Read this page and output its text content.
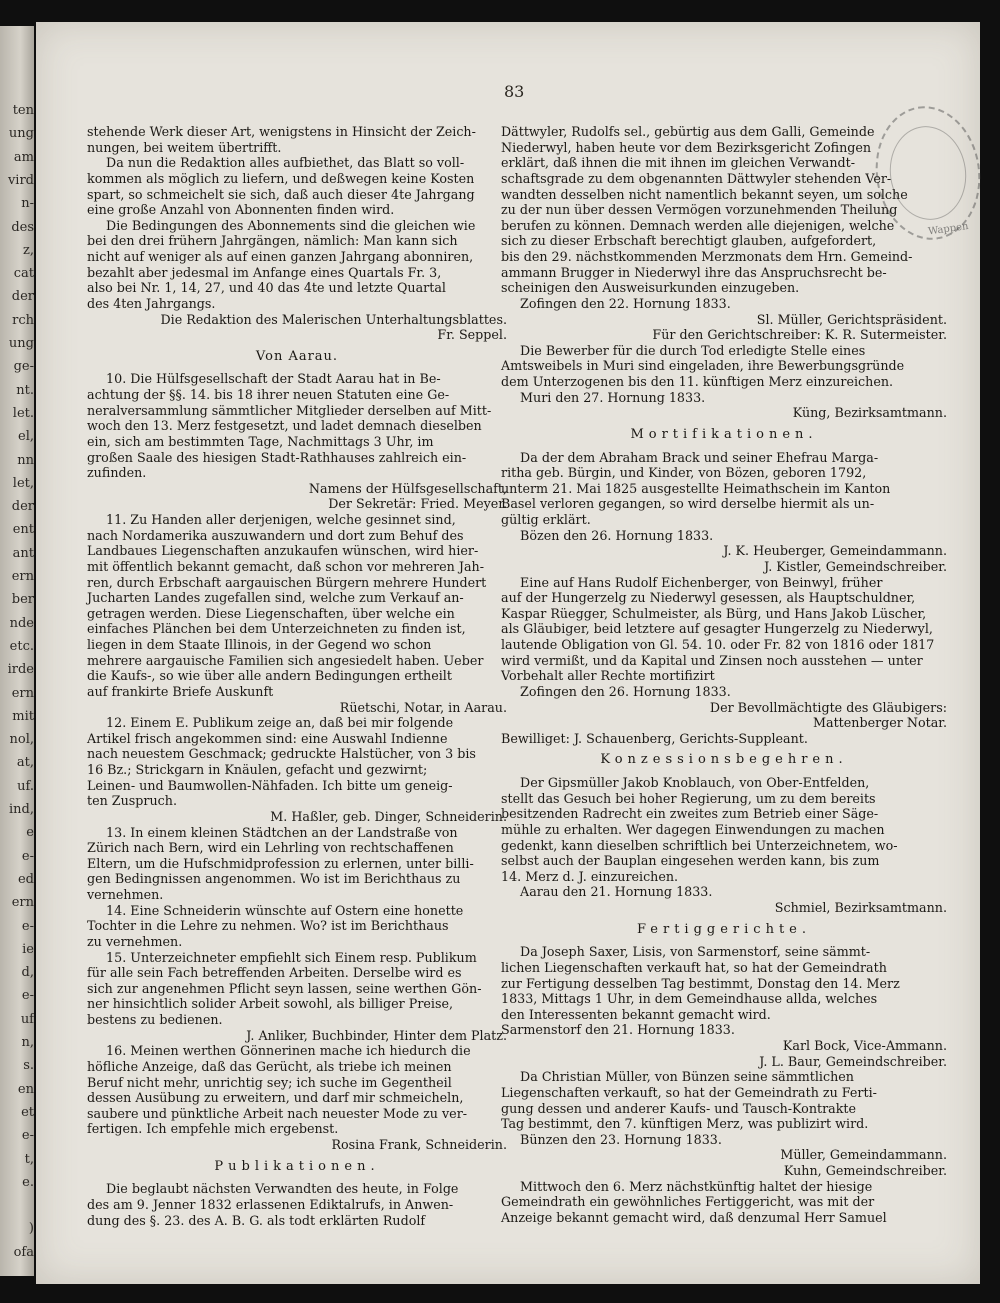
ten
ung
am
vird
n-
des
z,
cat
der
rch
ung
ge-
nt.
let.
el,
nn
let,
der
ent
ant
ern
ber
nde
etc.
irde
ern
mit
nol,
at,
uf.
ind,
e
e-
ed
ern
e-
ie
d,
e-
uf
n,
s.
en
et
e-
t,
e.
)
ofa
83
Wappen

stehende Werk dieser Art, wenigstens in Hinsicht der Zeich-

nungen, bei weitem übertrifft.

Da nun die Redaktion alles aufbiethet, das Blatt so voll-

kommen als möglich zu liefern, und deßwegen keine Kosten

spart, so schmeichelt sie sich, daß auch dieser 4te Jahrgang

eine große Anzahl von Abonnenten finden wird.

Die Bedingungen des Abonnements sind die gleichen wie

bei den drei frühern Jahrgängen, nämlich: Man kann sich

nicht auf weniger als auf einen ganzen Jahrgang abonniren,

bezahlt aber jedesmal im Anfange eines Quartals Fr. 3,

also bei Nr. 1, 14, 27, und 40 das 4te und letzte Quartal

des 4ten Jahrgangs.

Die Redaktion des Malerischen Unterhaltungsblattes.

Fr. Seppel.

Von Aarau.

10. Die Hülfsgesellschaft der Stadt Aarau hat in Be-

achtung der §§. 14. bis 18 ihrer neuen Statuten eine Ge-

neralversammlung sämmtlicher Mitglieder derselben auf Mitt-

woch den 13. Merz festgesetzt, und ladet demnach dieselben

ein, sich am bestimmten Tage, Nachmittags 3 Uhr, im

großen Saale des hiesigen Stadt-Rathhauses zahlreich ein-

zufinden.

Namens der Hülfsgesellschaft,

Der Sekretär: Fried. Meyer.

11. Zu Handen aller derjenigen, welche gesinnet sind,

nach Nordamerika auszuwandern und dort zum Behuf des

Landbaues Liegenschaften anzukaufen wünschen, wird hier-

mit öffentlich bekannt gemacht, daß schon vor mehreren Jah-

ren, durch Erbschaft aargauischen Bürgern mehrere Hundert

Jucharten Landes zugefallen sind, welche zum Verkauf an-

getragen werden. Diese Liegenschaften, über welche ein

einfaches Plänchen bei dem Unterzeichneten zu finden ist,

liegen in dem Staate Illinois, in der Gegend wo schon

mehrere aargauische Familien sich angesiedelt haben. Ueber

die Kaufs-, so wie über alle andern Bedingungen ertheilt

auf frankirte Briefe Auskunft

Rüetschi, Notar, in Aarau.

12. Einem E. Publikum zeige an, daß bei mir folgende

Artikel frisch angekommen sind: eine Auswahl Indienne

nach neuestem Geschmack; gedruckte Halstücher, von 3 bis

16 Bz.; Strickgarn in Knäulen, gefacht und gezwirnt;

Leinen- und Baumwollen-Nähfaden. Ich bitte um geneig-

ten Zuspruch.

M. Haßler, geb. Dinger, Schneiderin.

13. In einem kleinen Städtchen an der Landstraße von

Zürich nach Bern, wird ein Lehrling von rechtschaffenen

Eltern, um die Hufschmidprofession zu erlernen, unter billi-

gen Bedingnissen angenommen. Wo ist im Berichthaus zu

vernehmen.

14. Eine Schneiderin wünschte auf Ostern eine honette

Tochter in die Lehre zu nehmen. Wo? ist im Berichthaus

zu vernehmen.

15. Unterzeichneter empfiehlt sich Einem resp. Publikum

für alle sein Fach betreffenden Arbeiten. Derselbe wird es

sich zur angenehmen Pflicht seyn lassen, seine werthen Gön-

ner hinsichtlich solider Arbeit sowohl, als billiger Preise,

bestens zu bedienen.

J. Anliker, Buchbinder, Hinter dem Platz.

16. Meinen werthen Gönnerinen mache ich hiedurch die

höfliche Anzeige, daß das Gerücht, als triebe ich meinen

Beruf nicht mehr, unrichtig sey; ich suche im Gegentheil

dessen Ausübung zu erweitern, und darf mir schmeicheln,

saubere und pünktliche Arbeit nach neuester Mode zu ver-

fertigen. Ich empfehle mich ergebenst.

Rosina Frank, Schneiderin.

Publikationen.

Die beglaubt nächsten Verwandten des heute, in Folge

des am 9. Jenner 1832 erlassenen Ediktalrufs, in Anwen-

dung des §. 23. des A. B. G. als todt erklärten Rudolf

Dättwyler, Rudolfs sel., gebürtig aus dem Galli, Gemeinde

Niederwyl, haben heute vor dem Bezirksgericht Zofingen

erklärt, daß ihnen die mit ihnen im gleichen Verwandt-

schaftsgrade zu dem obgenannten Dättwyler stehenden Ver-

wandten desselben nicht namentlich bekannt seyen, um solche

zu der nun über dessen Vermögen vorzunehmenden Theilung

berufen zu können. Demnach werden alle diejenigen, welche

sich zu dieser Erbschaft berechtigt glauben, aufgefordert,

bis den 29. nächstkommenden Merzmonats dem Hrn. Gemeind-

ammann Brugger in Niederwyl ihre das Anspruchsrecht be-

scheinigen den Ausweisurkunden einzugeben.

Zofingen den 22. Hornung 1833.

Sl. Müller, Gerichtspräsident.

Für den Gerichtschreiber: K. R. Sutermeister.

Die Bewerber für die durch Tod erledigte Stelle eines

Amtsweibels in Muri sind eingeladen, ihre Bewerbungsgründe

dem Unterzogenen bis den 11. künftigen Merz einzureichen.

Muri den 27. Hornung 1833.

Küng, Bezirksamtmann.

Mortifikationen.

Da der dem Abraham Brack und seiner Ehefrau Marga-

ritha geb. Bürgin, und Kinder, von Bözen, geboren 1792,

unterm 21. Mai 1825 ausgestellte Heimathschein im Kanton

Basel verloren gegangen, so wird derselbe hiermit als un-

gültig erklärt.

Bözen den 26. Hornung 1833.

J. K. Heuberger, Gemeindammann.

J. Kistler, Gemeindschreiber.

Eine auf Hans Rudolf Eichenberger, von Beinwyl, früher

auf der Hungerzelg zu Niederwyl gesessen, als Hauptschuldner,

Kaspar Rüegger, Schulmeister, als Bürg, und Hans Jakob Lüscher,

als Gläubiger, beid letztere auf gesagter Hungerzelg zu Niederwyl,

lautende Obligation von Gl. 54. 10. oder Fr. 82 von 1816 oder 1817

wird vermißt, und da Kapital und Zinsen noch ausstehen — unter

Vorbehalt aller Rechte mortifizirt

Zofingen den 26. Hornung 1833.

Der Bevollmächtigte des Gläubigers:

Mattenberger Notar.

Bewilliget: J. Schauenberg, Gerichts-Suppleant.

Konzessionsbegehren.

Der Gipsmüller Jakob Knoblauch, von Ober-Entfelden,

stellt das Gesuch bei hoher Regierung, um zu dem bereits

besitzenden Radrecht ein zweites zum Betrieb einer Säge-

mühle zu erhalten. Wer dagegen Einwendungen zu machen

gedenkt, kann dieselben schriftlich bei Unterzeichnetem, wo-

selbst auch der Bauplan eingesehen werden kann, bis zum

14. Merz d. J. einzureichen.

Aarau den 21. Hornung 1833.

Schmiel, Bezirksamtmann.

Fertiggerichte.

Da Joseph Saxer, Lisis, von Sarmenstorf, seine sämmt-

lichen Liegenschaften verkauft hat, so hat der Gemeindrath

zur Fertigung desselben Tag bestimmt, Donstag den 14. Merz

1833, Mittags 1 Uhr, in dem Gemeindhause allda, welches

den Interessenten bekannt gemacht wird.

Sarmenstorf den 21. Hornung 1833.

Karl Bock, Vice-Ammann.

J. L. Baur, Gemeindschreiber.

Da Christian Müller, von Bünzen seine sämmtlichen

Liegenschaften verkauft, so hat der Gemeindrath zu Ferti-

gung dessen und anderer Kaufs- und Tausch-Kontrakte

Tag bestimmt, den 7. künftigen Merz, was publizirt wird.

Bünzen den 23. Hornung 1833.

Müller, Gemeindammann.

Kuhn, Gemeindschreiber.

Mittwoch den 6. Merz nächstkünftig haltet der hiesige

Gemeindrath ein gewöhnliches Fertiggericht, was mit der

Anzeige bekannt gemacht wird, daß denzumal Herr Samuel
